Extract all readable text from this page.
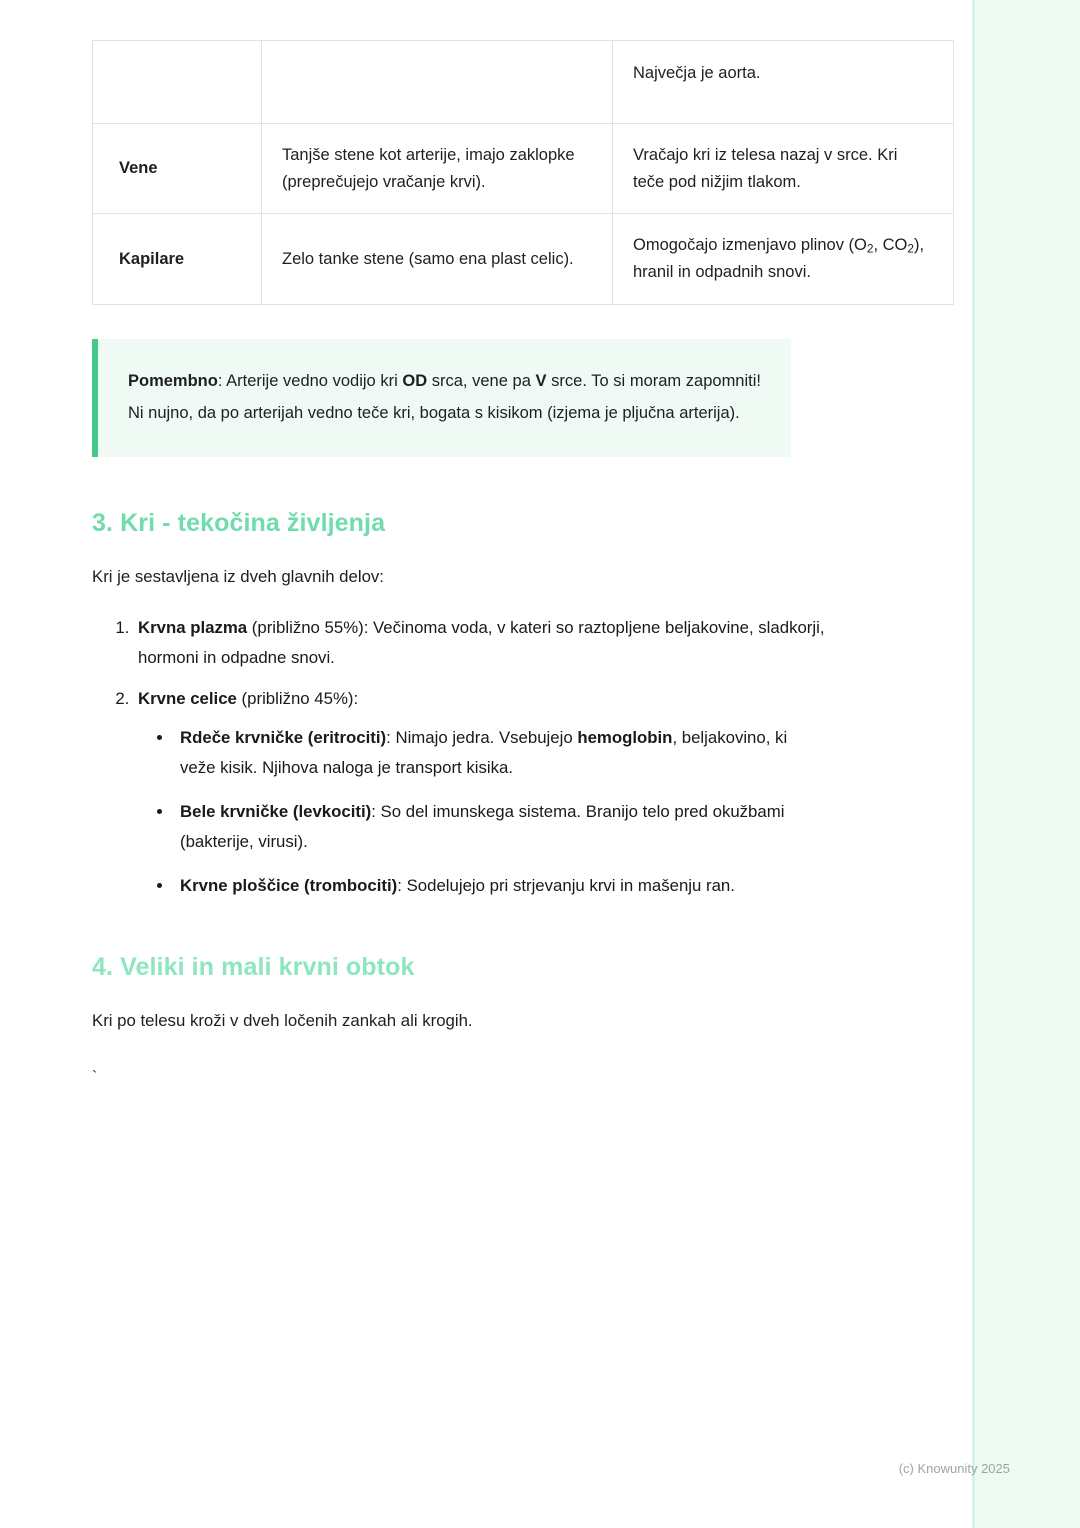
		Največja je aorta.
Vene	Tanjše stene kot arterije, imajo zaklopke (preprečujejo vračanje krvi).	Vračajo kri iz telesa nazaj v srce. Kri teče pod nižjim tlakom.
Kapilare	Zelo tanke stene (samo ena plast celic).	Omogočajo izmenjavo plinov ($O_2$, $CO_2$), hranil in odpadnih snovi.
Pomembno: Arterije vedno vodijo kri OD srca, vene pa V srce. To si moram zapomniti! Ni nujno, da po arterijah vedno teče kri, bogata s kisikom (izjema je pljučna arterija).
3. Kri - tekočina življenja

Kri je sestavljena iz dveh glavnih delov:

1. Krvna plazma (približno 55%): Večinoma voda, v kateri so raztopljene beljakovine, sladkorji, hormoni in odpadne snovi.
2. Krvne celice (približno 45%):
• Rdeče krvničke (eritrociti): Nimajo jedra. Vsebujejo hemoglobin, beljakovino, ki veže kisik. Njihova naloga je transport kisika.
• Bele krvničke (levkociti): So del imunskega sistema. Branijo telo pred okužbami (bakterije, virusi).
• Krvne ploščice (trombociti): Sodelujejo pri strjevanju krvi in mašenju ran.
4. Veliki in mali krvni obtok

Kri po telesu kroži v dveh ločenih zankah ali krogih.

`
(c) Knowunity 2025
